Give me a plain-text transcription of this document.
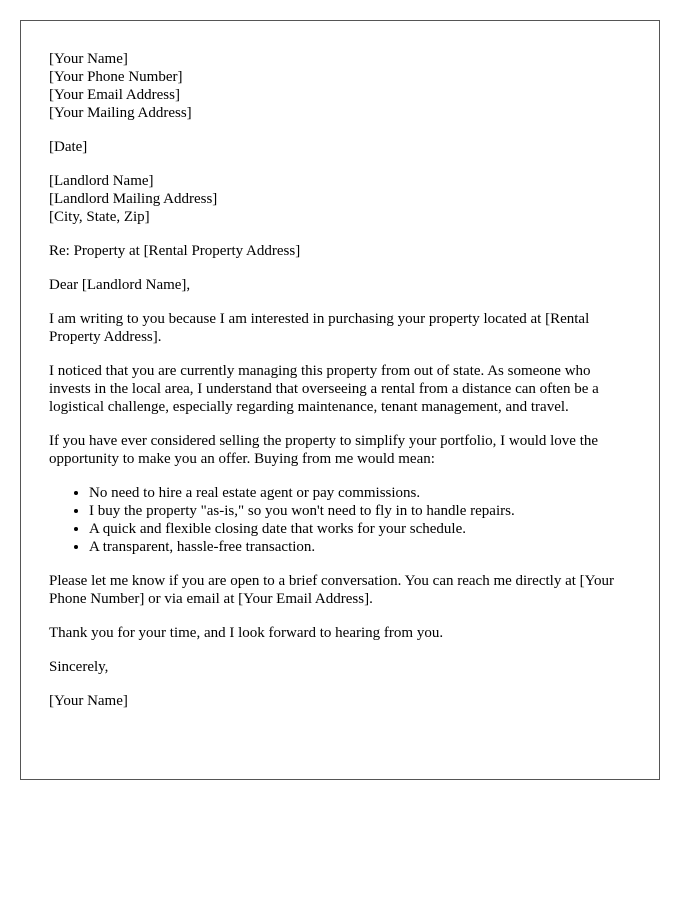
[Your Name]
[Your Phone Number]
[Your Email Address]
[Your Mailing Address]

[Date]

[Landlord Name]
[Landlord Mailing Address]
[City, State, Zip]

Re: Property at [Rental Property Address]

Dear [Landlord Name],

I am writing to you because I am interested in purchasing your property located at [Rental Property Address].

I noticed that you are currently managing this property from out of state. As someone who invests in the local area, I understand that overseeing a rental from a distance can often be a logistical challenge, especially regarding maintenance, tenant management, and travel.

If you have ever considered selling the property to simplify your portfolio, I would love the opportunity to make you an offer. Buying from me would mean:

• No need to hire a real estate agent or pay commissions.
• I buy the property "as-is," so you won't need to fly in to handle repairs.
• A quick and flexible closing date that works for your schedule.
• A transparent, hassle-free transaction.

Please let me know if you are open to a brief conversation. You can reach me directly at [Your Phone Number] or via email at [Your Email Address].

Thank you for your time, and I look forward to hearing from you.

Sincerely,

[Your Name]
